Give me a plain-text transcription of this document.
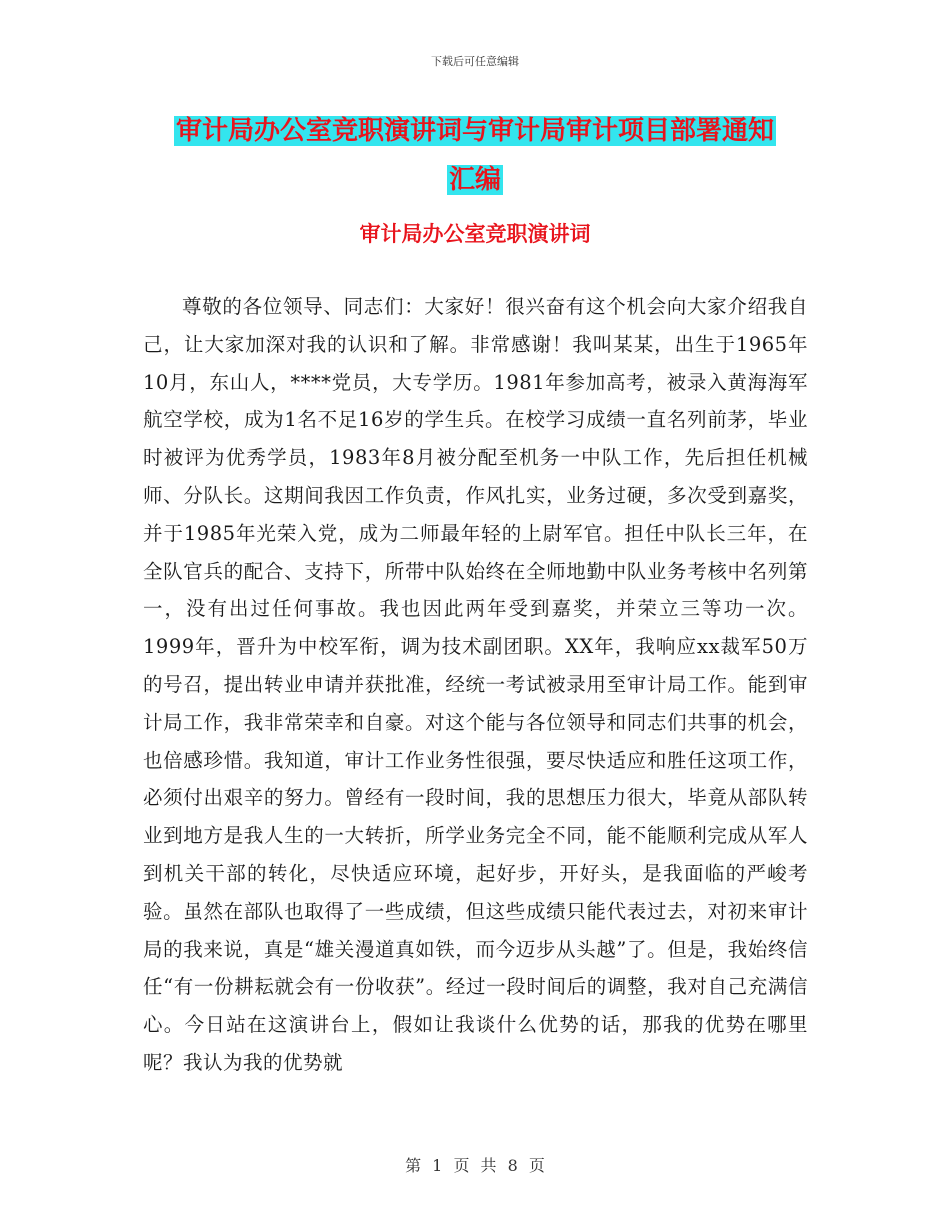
下载后可任意编辑
审计局办公室竞职演讲词与审计局审计项目部署通知
汇编
审计局办公室竞职演讲词

尊敬的各位领导、同志们：大家好！很兴奋有这个机会向大家介绍我自己，让大家加深对我的认识和了解。非常感谢！我叫某某，出生于1965年10月，东山人，****党员，大专学历。1981年参加高考，被录入黄海海军航空学校，成为1名不足16岁的学生兵。在校学习成绩一直名列前茅，毕业时被评为优秀学员，1983年8月被分配至机务一中队工作，先后担任机械师、分队长。这期间我因工作负责，作风扎实，业务过硬，多次受到嘉奖，并于1985年光荣入党，成为二师最年轻的上尉军官。担任中队长三年，在全队官兵的配合、支持下，所带中队始终在全师地勤中队业务考核中名列第一，没有出过任何事故。我也因此两年受到嘉奖，并荣立三等功一次。1999年，晋升为中校军衔，调为技术副团职。XX年，我响应xx裁军50万的号召，提出转业申请并获批准，经统一考试被录用至审计局工作。能到审计局工作，我非常荣幸和自豪。对这个能与各位领导和同志们共事的机会，也倍感珍惜。我知道，审计工作业务性很强，要尽快适应和胜任这项工作，必须付出艰辛的努力。曾经有一段时间，我的思想压力很大，毕竟从部队转业到地方是我人生的一大转折，所学业务完全不同，能不能顺利完成从军人到机关干部的转化，尽快适应环境，起好步，开好头，是我面临的严峻考验。虽然在部队也取得了一些成绩，但这些成绩只能代表过去，对初来审计局的我来说，真是“雄关漫道真如铁，而今迈步从头越”了。但是，我始终信任“有一份耕耘就会有一份收获”。经过一段时间后的调整，我对自己充满信心。今日站在这演讲台上，假如让我谈什么优势的话，那我的优势在哪里呢？我认为我的优势就

第 1 页 共 8 页
